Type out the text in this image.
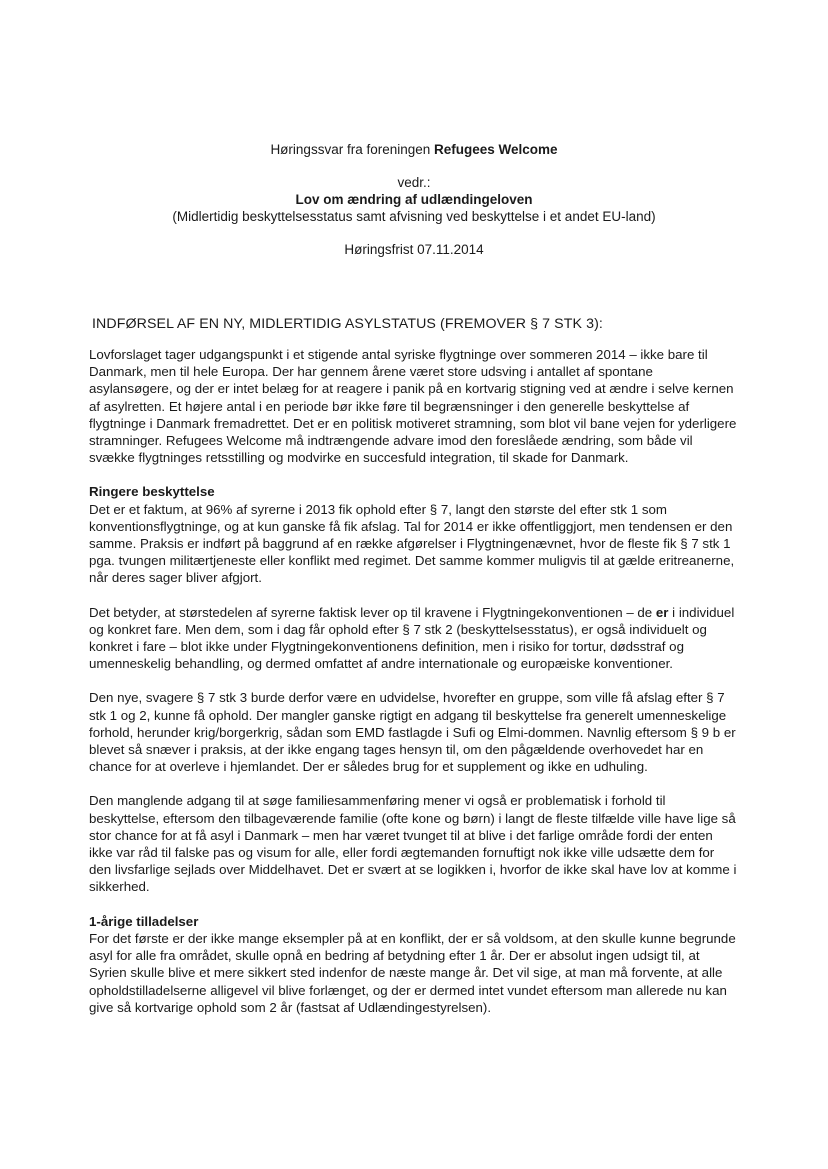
Høringssvar fra foreningen Refugees Welcome

vedr.:

Lov om ændring af udlændingeloven

(Midlertidig beskyttelsesstatus samt afvisning ved beskyttelse i et andet EU-land)

Høringsfrist 07.11.2014

INDFØRSEL AF EN NY, MIDLERTIDIG ASYLSTATUS (FREMOVER § 7 STK 3):

Lovforslaget tager udgangspunkt i et stigende antal syriske flygtninge over sommeren 2014 – ikke bare til Danmark, men til hele Europa. Der har gennem årene været store udsving i antallet af spontane asylansøgere, og der er intet belæg for at reagere i panik på en kortvarig stigning ved at ændre i selve kernen af asylretten. Et højere antal i en periode bør ikke føre til begrænsninger i den generelle beskyttelse af flygtninge i Danmark fremadrettet. Det er en politisk motiveret stramning, som blot vil bane vejen for yderligere stramninger. Refugees Welcome må indtrængende advare imod den foreslåede ændring, som både vil svække flygtninges retsstilling og modvirke en succesfuld integration, til skade for Danmark.

Ringere beskyttelse

Det er et faktum, at 96% af syrerne i 2013 fik ophold efter § 7, langt den største del efter stk 1 som konventionsflygtninge, og at kun ganske få fik afslag. Tal for 2014 er ikke offentliggjort, men tendensen er den samme. Praksis er indført på baggrund af en række afgørelser i Flygtningenævnet, hvor de fleste fik § 7 stk 1 pga. tvungen militærtjeneste eller konflikt med regimet. Det samme kommer muligvis til at gælde eritreanerne, når deres sager bliver afgjort.

Det betyder, at størstedelen af syrerne faktisk lever op til kravene i Flygtningekonventionen – de er i individuel og konkret fare. Men dem, som i dag får ophold efter § 7 stk 2 (beskyttelsesstatus), er også individuelt og konkret i fare – blot ikke under Flygtningekonventionens definition, men i risiko for tortur, dødsstraf og umenneskelig behandling, og dermed omfattet af andre internationale og europæiske konventioner.

Den nye, svagere § 7 stk 3 burde derfor være en udvidelse, hvorefter en gruppe, som ville få afslag efter § 7 stk 1 og 2, kunne få ophold. Der mangler ganske rigtigt en adgang til beskyttelse fra generelt umenneskelige forhold, herunder krig/borgerkrig, sådan som EMD fastlagde i Sufi og Elmi-dommen. Navnlig eftersom § 9 b er blevet så snæver i praksis, at der ikke engang tages hensyn til, om den pågældende overhovedet har en chance for at overleve i hjemlandet. Der er således brug for et supplement og ikke en udhuling.

Den manglende adgang til at søge familiesammenføring mener vi også er problematisk i forhold til beskyttelse, eftersom den tilbageværende familie (ofte kone og børn) i langt de fleste tilfælde ville have lige så stor chance for at få asyl i Danmark – men har været tvunget til at blive i det farlige område fordi der enten ikke var råd til falske pas og visum for alle, eller fordi ægtemanden fornuftigt nok ikke ville udsætte dem for den livsfarlige sejlads over Middelhavet. Det er svært at se logikken i, hvorfor de ikke skal have lov at komme i sikkerhed.

1-årige tilladelser

For det første er der ikke mange eksempler på at en konflikt, der er så voldsom, at den skulle kunne begrunde asyl for alle fra området, skulle opnå en bedring af betydning efter 1 år. Der er absolut ingen udsigt til, at Syrien skulle blive et mere sikkert sted indenfor de næste mange år. Det vil sige, at man må forvente, at alle opholdstilladelserne alligevel vil blive forlænget, og der er dermed intet vundet eftersom man allerede nu kan give så kortvarige ophold som 2 år (fastsat af Udlændingestyrelsen).
